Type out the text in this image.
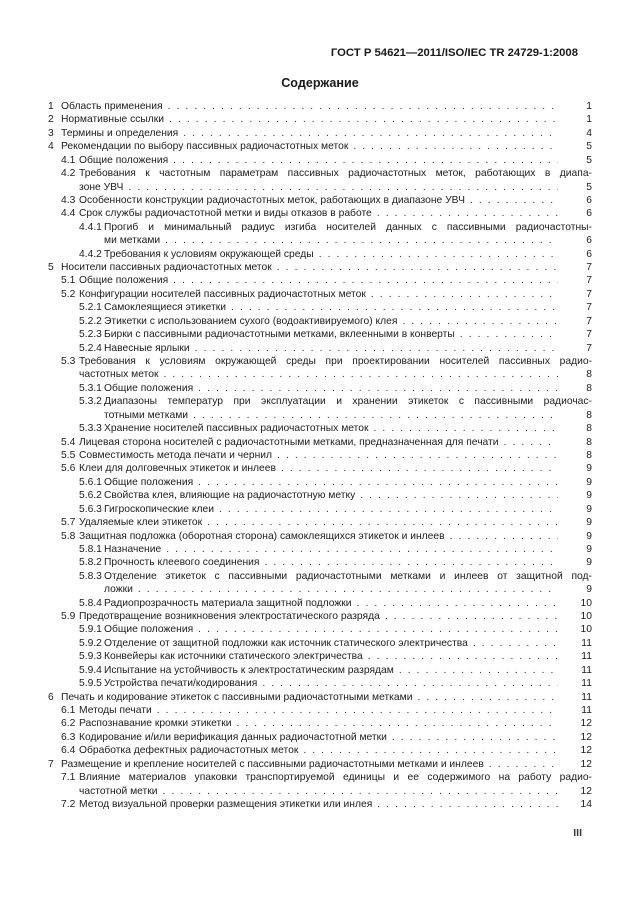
ГОСТ Р 54621—2011/ISO/IEC TR 24729-1:2008
Содержание
1 Область применения . . .	1
2 Нормативные ссылки . . .	1
3 Термины и определения . . .	4
4 Рекомендации по выбору пассивных радиочастотных меток . . .	5
4.1 Общие положения . . .	5
4.2 Требования к частотным параметрам пассивных радиочастотных меток, работающих в диапа-
зоне УВЧ . . .	5
4.3 Особенности конструкции радиочастотных меток, работающих в диапазоне УВЧ . . .	6
4.4 Срок службы радиочастотной метки и виды отказов в работе . . .	6
4.4.1 Прогиб и минимальный радиус изгиба носителей данных с пассивными радиочастотны-
ми метками . . .	6
4.4.2 Требования к условиям окружающей среды . . .	6
5 Носители пассивных радиочастотных меток . . .	7
5.1 Общие положения . . .	7
5.2 Конфигурации носителей пассивных радиочастотных меток . . .	7
5.2.1 Самоклеящиеся этикетки . . .	7
5.2.2 Этикетки с использованием сухого (водоактивируемого) клея . . .	7
5.2.3 Бирки с пассивными радиочастотными метками, вклеенными в конверты . . .	7
5.2.4 Навесные ярлыки . . .	7
5.3 Требования к условиям окружающей среды при проектировании носителей пассивных радио-
частотных меток . . .	8
5.3.1 Общие положения . . .	8
5.3.2 Диапазоны температур при эксплуатации и хранении этикеток с пассивными радиочас-
тотными метками . . .	8
5.3.3 Хранение носителей пассивных радиочастотных меток . . .	8
5.4 Лицевая сторона носителей с радиочастотными метками, предназначенная для печати . . .	8
5.5 Совместимость метода печати и чернил . . .	8
5.6 Клеи для долговечных этикеток и инлеев . . .	9
5.6.1 Общие положения . . .	9
5.6.2 Свойства клея, влияющие на радиочастотную метку . . .	9
5.6.3 Гигроскопические клеи . . .	9
5.7 Удаляемые клеи этикеток . . .	9
5.8 Защитная подложка (оборотная сторона) самоклеящихся этикеток и инлеев . . .	9
5.8.1 Назначение . . .	9
5.8.2 Прочность клеевого соединения . . .	9
5.8.3 Отделение этикеток с пассивными радиочастотными метками и инлеев от защитной под-
ложки . . .	9
5.8.4 Радиопрозрачность материала защитной подложки . . .	10
5.9 Предотвращение возникновения электростатического разряда . . .	10
5.9.1 Общие положения . . .	10
5.9.2 Отделение от защитной подложки как источник статического электричества . . .	11
5.9.3 Конвейеры как источники статического электричества . . .	11
5.9.4 Испытание на устойчивость к электростатическим разрядам . . .	11
5.9.5 Устройства печати/кодирования . . .	11
6 Печать и кодирование этикеток с пассивными радиочастотными метками . . .	11
6.1 Методы печати . . .	11
6.2 Распознавание кромки этикетки . . .	12
6.3 Кодирование и/или верификация данных радиочастотной метки . . .	12
6.4 Обработка дефектных радиочастотных меток . . .	12
7 Размещение и крепление носителей с пассивными радиочастотными метками и инлеев . . .	12
7.1 Влияние материалов упаковки транспортируемой единицы и ее содержимого на работу радио-
частотной метки . . .	12
7.2 Метод визуальной проверки размещения этикетки или инлея . . .	14
III
